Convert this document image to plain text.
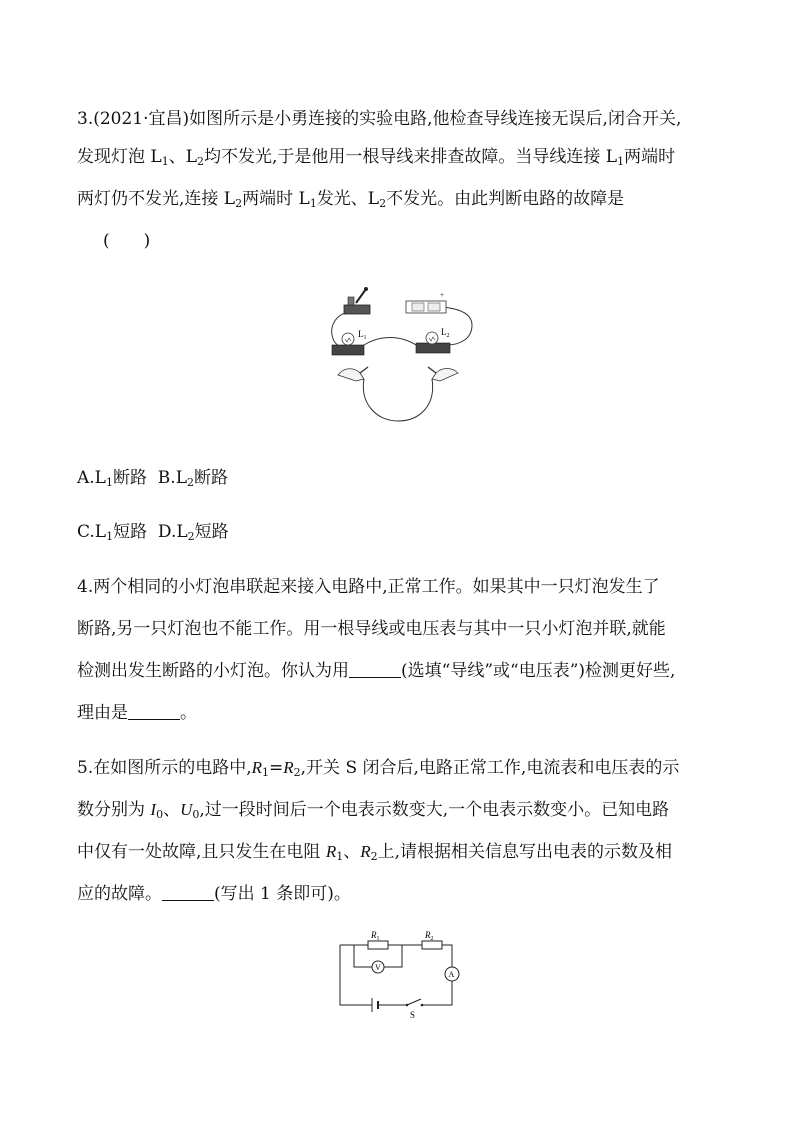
3.(2021·宜昌)如图所示是小勇连接的实验电路,他检查导线连接无误后,闭合开关,
发现灯泡 $L_1$、$L_2$均不发光,于是他用一根导线来排查故障。当导线连接 $L_1$两端时
两灯仍不发光,连接 $L_2$两端时 $L_1$发光、$L_2$不发光。由此判断电路的故障是
(　　)
+
$L_1$
$L_2$
$A.L_1$断路 $B.L_2$断路
$C.L_1$短路 $D.L_2$短路
4.两个相同的小灯泡串联起来接入电路中,正常工作。如果其中一只灯泡发生了
断路,另一只灯泡也不能工作。用一根导线或电压表与其中一只小灯泡并联,就能
检测出发生断路的小灯泡。你认为用	(选填“导线”或“电压表”)检测更好些,
理由是	。
5.在如图所示的电路中$,R_1=R_2$,开关 S 闭合后,电路正常工作,电流表和电压表的示
数分别为 $I_0$、$U_0$,过一段时间后一个电表示数变大,一个电表示数变小。已知电路
中仅有一处故障,且只发生在电阻 $R_1$、$R_2$上,请根据相关信息写出电表的示数及相
应的故障。	(写出 1 条即可)。
$R_1$	$R_2$
V
A
S
